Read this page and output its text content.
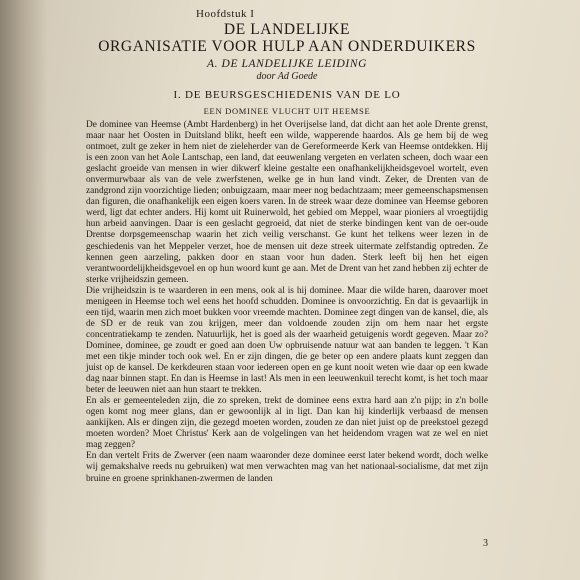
Hoofdstuk I
DE LANDELIJKE
ORGANISATIE VOOR HULP AAN ONDERDUIKERS
A. DE LANDELIJKE LEIDING
door Ad Goede
I. DE BEURSGESCHIEDENIS VAN DE LO
EEN DOMINEE VLUCHT UIT HEEMSE

De dominee van Heemse (Ambt Hardenberg) in het Overijselse land, dat dicht aan het aole Drente grenst, maar naar het Oosten in Duitsland blikt, heeft een wilde, wapperende haardos. Als ge hem bij de weg ontmoet, zult ge zeker in hem niet de zieleherder van de Gereformeerde Kerk van Heemse ontdekken. Hij is een zoon van het Aole Lantschap, een land, dat eeuwenlang vergeten en verlaten scheen, doch waar een geslacht groeide van mensen in wier dikwerf kleine gestalte een onafhankelijkheidsgevoel wortelt, even onvermurwbaar als van de vele zwerfstenen, welke ge in hun land vindt. Zeker, de Drenten van de zandgrond zijn voorzichtige lieden; onbuigzaam, maar meer nog bedachtzaam; meer gemeenschapsmensen dan figuren, die onafhankelijk een eigen koers varen. In de streek waar deze dominee van Heemse geboren werd, ligt dat echter anders. Hij komt uit Ruinerwold, het gebied om Meppel, waar pioniers al vroegtijdig hun arbeid aanvingen. Daar is een geslacht gegroeid, dat niet de sterke bindingen kent van de oer-oude Drentse dorpsgemeenschap waarin het zich veilig verschanst. Ge kunt het telkens weer lezen in de geschiedenis van het Meppeler verzet, hoe de mensen uit deze streek uitermate zelfstandig optreden. Ze kennen geen aarzeling, pakken door en staan voor hun daden. Sterk leeft bij hen het eigen verantwoordelijkheidsgevoel en op hun woord kunt ge aan. Met de Drent van het zand hebben zij echter de sterke vrijheidszin gemeen.

Die vrijheidszin is te waarderen in een mens, ook al is hij dominee. Maar die wilde haren, daarover moet menigeen in Heemse toch wel eens het hoofd schudden. Dominee is onvoorzichtig. En dat is gevaarlijk in een tijd, waarin men zich moet bukken voor vreemde machten. Dominee zegt dingen van de kansel, die, als de SD er de reuk van zou krijgen, meer dan voldoende zouden zijn om hem naar het ergste concentratiekamp te zenden. Natuurlijk, het is goed als der waarheid getuigenis wordt gegeven. Maar zo? Dominee, dominee, ge zoudt er goed aan doen Uw opbruisende natuur wat aan banden te leggen. 't Kan met een tikje minder toch ook wel. En er zijn dingen, die ge beter op een andere plaats kunt zeggen dan juist op de kansel. De kerkdeuren staan voor iedereen open en ge kunt nooit weten wie daar op een kwade dag naar binnen stapt. En dan is Heemse in last! Als men in een leeuwenkuil terecht komt, is het toch maar beter de leeuwen niet aan hun staart te trekken.

En als er gemeenteleden zijn, die zo spreken, trekt de dominee eens extra hard aan z'n pijp; in z'n bolle ogen komt nog meer glans, dan er gewoonlijk al in ligt. Dan kan hij kinderlijk verbaasd de mensen aankijken. Als er dingen zijn, die gezegd moeten worden, zouden ze dan niet juist op de preekstoel gezegd moeten worden? Moet Christus' Kerk aan de volgelingen van het heidendom vragen wat ze wel en niet mag zeggen?

En dan vertelt Frits de Zwerver (een naam waaronder deze dominee eerst later bekend wordt, doch welke wij gemakshalve reeds nu gebruiken) wat men verwachten mag van het nationaal-socialisme, dat met zijn bruine en groene sprinkhanen-zwermen de landen

3
